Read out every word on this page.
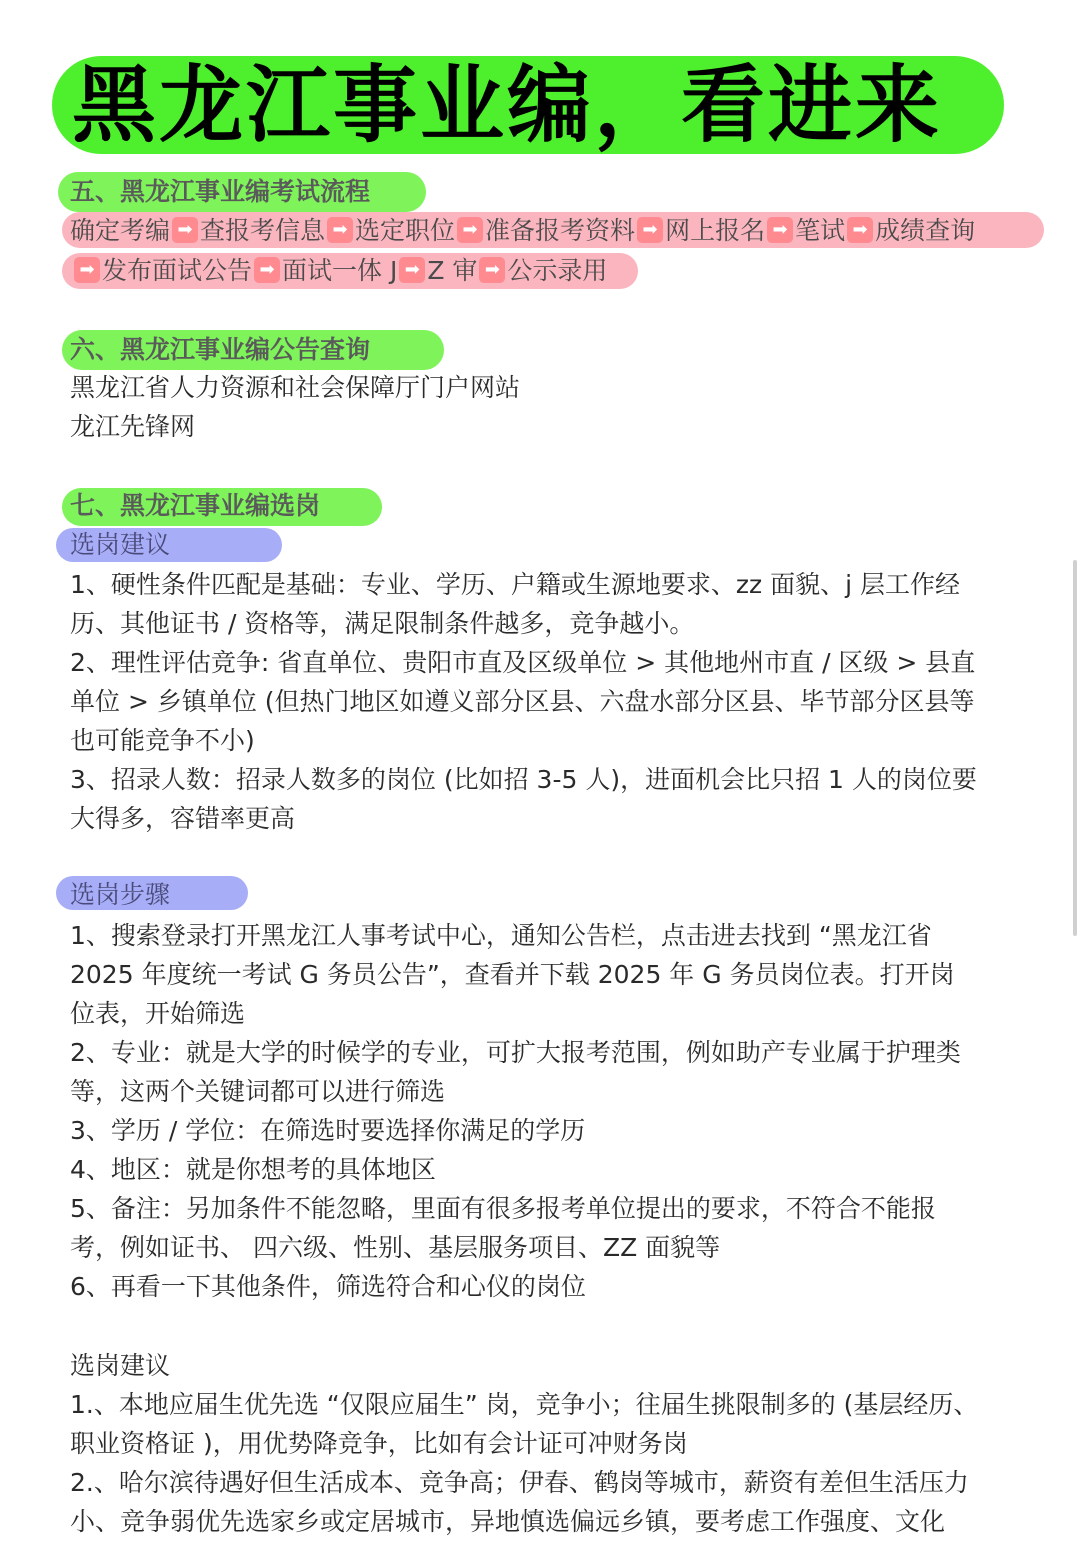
黑龙江事业编，看进来
五、黑龙江事业编考试流程
确定考编 ➡ 查报考信息 ➡ 选定职位 ➡ 准备报考资料 ➡ 网上报名 ➡ 笔试 ➡ 成绩查询
➡发布面试公告 ➡ 面试一体 J ➡ Z 审 ➡ 公示录用
六、黑龙江事业编公告查询
黑龙江省人力资源和社会保障厅门户网站
龙江先锋网
七、黑龙江事业编选岗
选岗建议
1、硬性条件匹配是基础：专业、学历、户籍或生源地要求、zz 面貌、j 层工作经
历、其他证书 / 资格等，满足限制条件越多，竞争越小。
2、理性评估竞争: 省直单位、贵阳市直及区级单位 > 其他地州市直 / 区级 > 县直
单位 > 乡镇单位 (但热门地区如遵义部分区县、六盘水部分区县、毕节部分区县等
也可能竞争不小)
3、招录人数：招录人数多的岗位 (比如招 3-5 人)，进面机会比只招 1 人的岗位要
大得多，容错率更高
选岗步骤
1、搜索登录打开黑龙江人事考试中心，通知公告栏，点击进去找到 “黑龙江省
2025 年度统一考试 G 务员公告”，查看并下载 2025 年 G 务员岗位表。打开岗
位表，开始筛选
2、专业：就是大学的时候学的专业，可扩大报考范围，例如助产专业属于护理类
等，这两个关键词都可以进行筛选
3、学历 / 学位：在筛选时要选择你满足的学历
4、地区：就是你想考的具体地区
5、备注：另加条件不能忽略，里面有很多报考单位提出的要求，不符合不能报
考，例如证书、 四六级、性别、基层服务项目、ZZ 面貌等
6、再看一下其他条件，筛选符合和心仪的岗位
选岗建议
1.、本地应届生优先选 “仅限应届生” 岗，竞争小；往届生挑限制多的 (基层经历、
职业资格证 )，用优势降竞争，比如有会计证可冲财务岗
2.、哈尔滨待遇好但生活成本、竞争高；伊春、鹤岗等城市，薪资有差但生活压力
小、竞争弱优先选家乡或定居城市，异地慎选偏远乡镇，要考虑工作强度、文化
